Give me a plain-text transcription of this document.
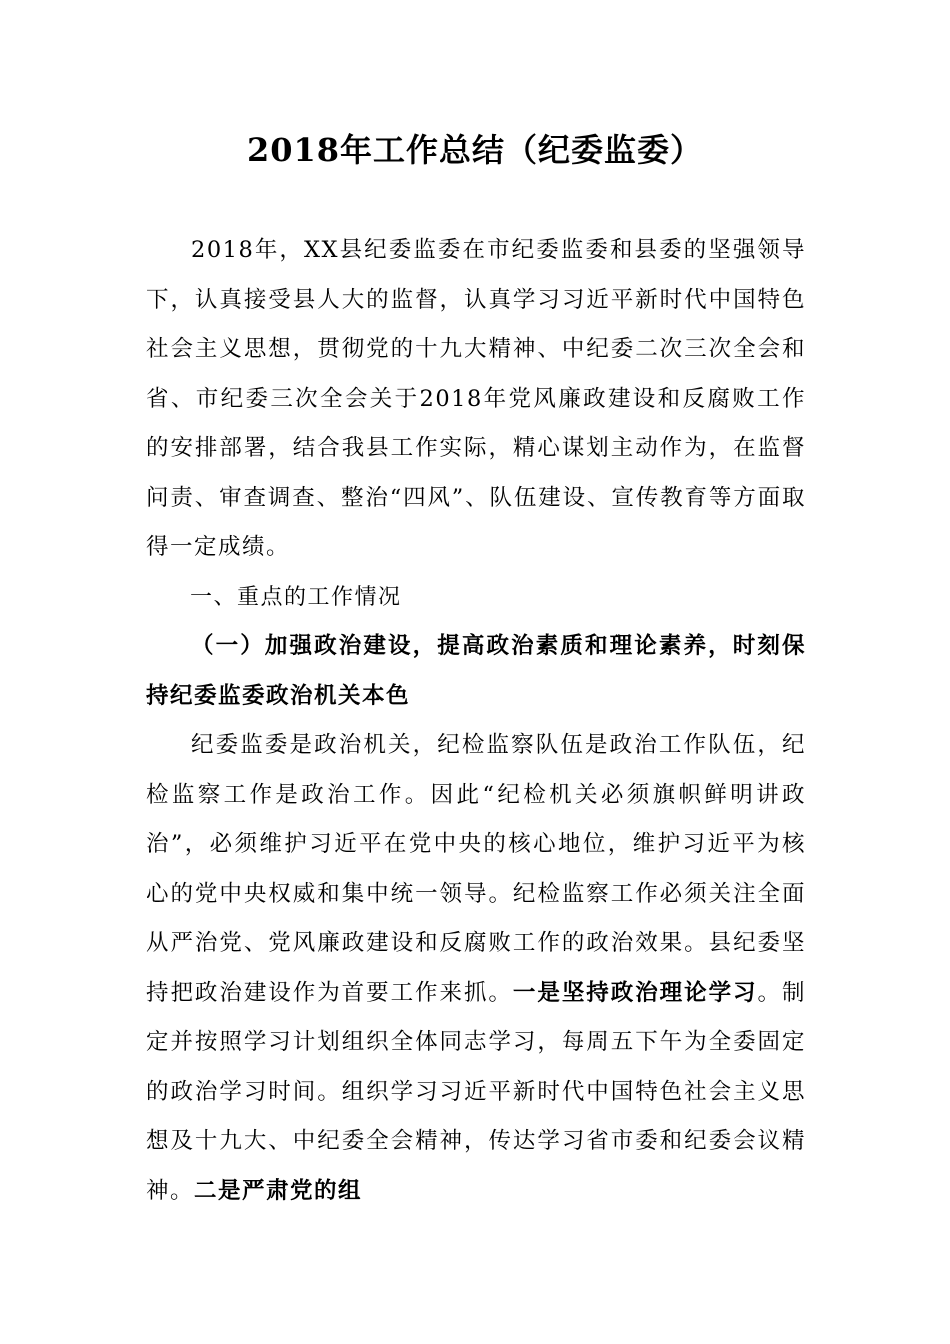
2018年工作总结（纪委监委）

2018年，XX县纪委监委在市纪委监委和县委的坚强领导下，认真接受县人大的监督，认真学习习近平新时代中国特色社会主义思想，贯彻党的十九大精神、中纪委二次三次全会和省、市纪委三次全会关于2018年党风廉政建设和反腐败工作的安排部署，结合我县工作实际，精心谋划主动作为，在监督问责、审查调查、整治“四风”、队伍建设、宣传教育等方面取得一定成绩。

一、重点的工作情况

（一）加强政治建设，提高政治素质和理论素养，时刻保持纪委监委政治机关本色

纪委监委是政治机关，纪检监察队伍是政治工作队伍，纪检监察工作是政治工作。因此“纪检机关必须旗帜鲜明讲政治”，必须维护习近平在党中央的核心地位，维护习近平为核心的党中央权威和集中统一领导。纪检监察工作必须关注全面从严治党、党风廉政建设和反腐败工作的政治效果。县纪委坚持把政治建设作为首要工作来抓。一是坚持政治理论学习。制定并按照学习计划组织全体同志学习，每周五下午为全委固定的政治学习时间。组织学习习近平新时代中国特色社会主义思想及十九大、中纪委全会精神，传达学习省市委和纪委会议精神。二是严肃党的组
